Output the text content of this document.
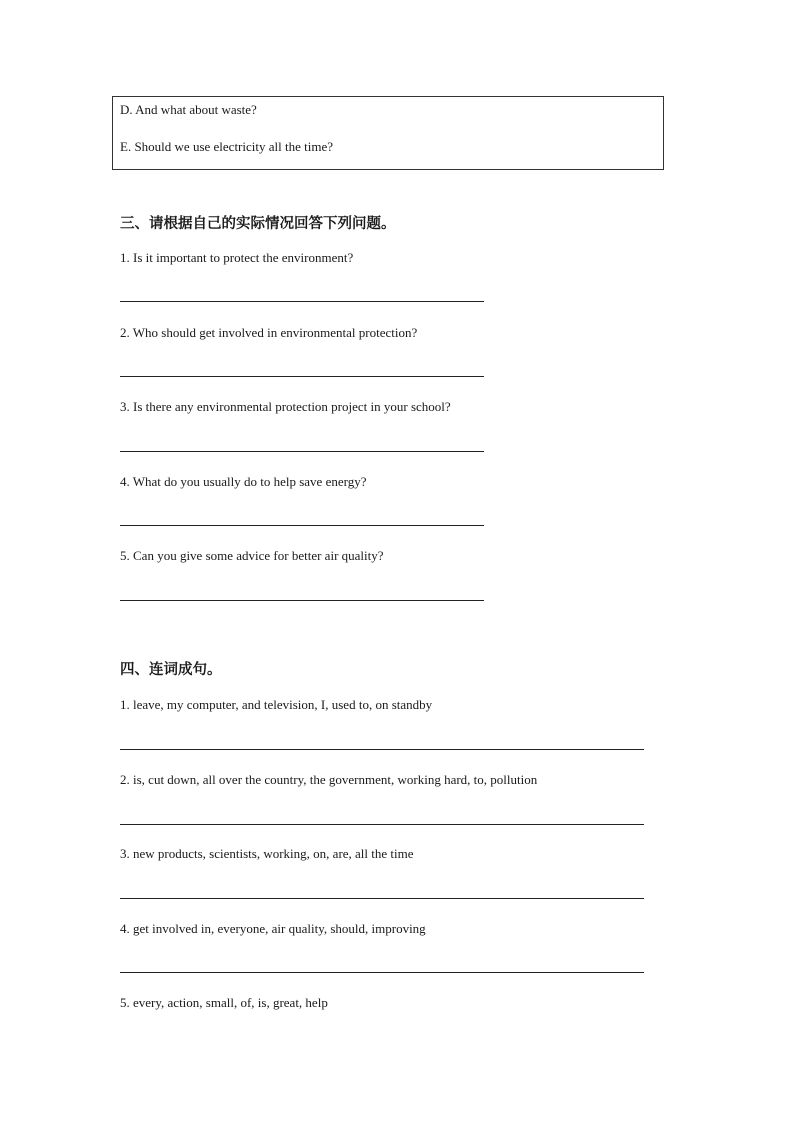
D. And what about waste?
E. Should we use electricity all the time?
三、请根据自己的实际情况回答下列问题。
1. Is it important to protect the environment?
2. Who should get involved in environmental protection?
3. Is there any environmental protection project in your school?
4. What do you usually do to help save energy?
5. Can you give some advice for better air quality?
四、连词成句。
1. leave, my computer, and television, I, used to, on standby
2. is, cut down, all over the country, the government, working hard, to, pollution
3. new products, scientists, working, on, are, all the time
4. get involved in, everyone, air quality, should, improving
5. every, action, small, of, is, great, help
